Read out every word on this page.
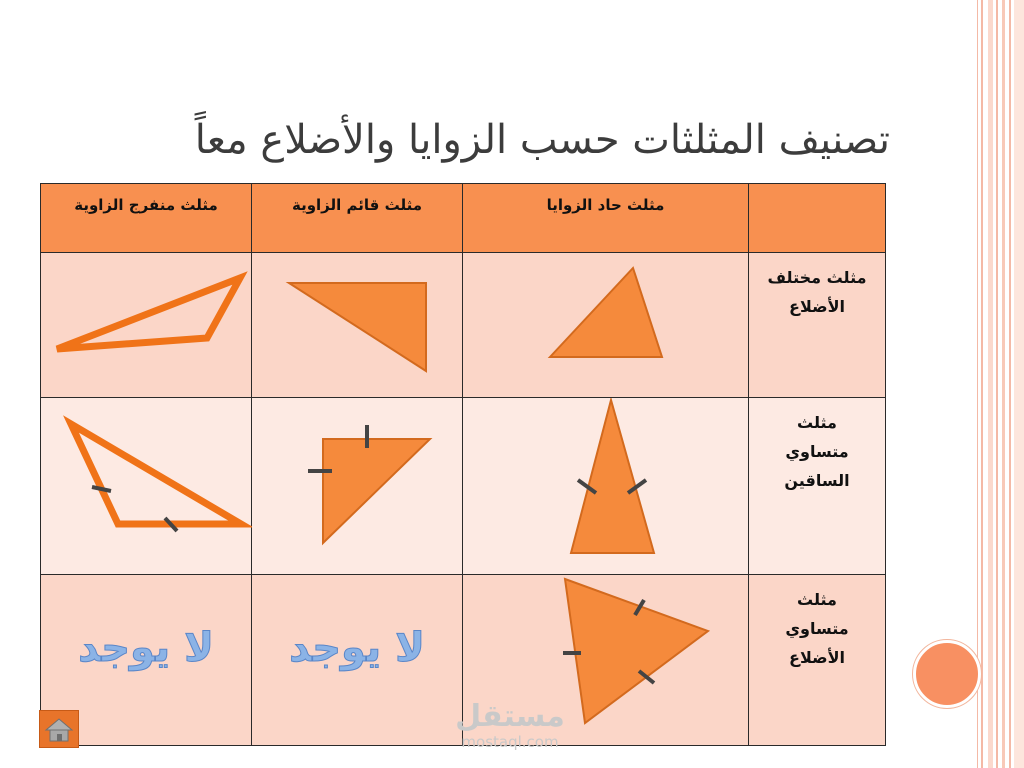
تصنيف المثلثات حسب الزوايا والأضلاع معاً
	مثلث حاد الزوايا	مثلث قائم الزاوية	مثلث منفرج الزاوية

مثلث مختلف
الأضلاع

مثلث
متساوي
الساقين

مثلث
متساوي
الأضلاع		لا يوجد	لا يوجد
مستقل
mostaql.com
